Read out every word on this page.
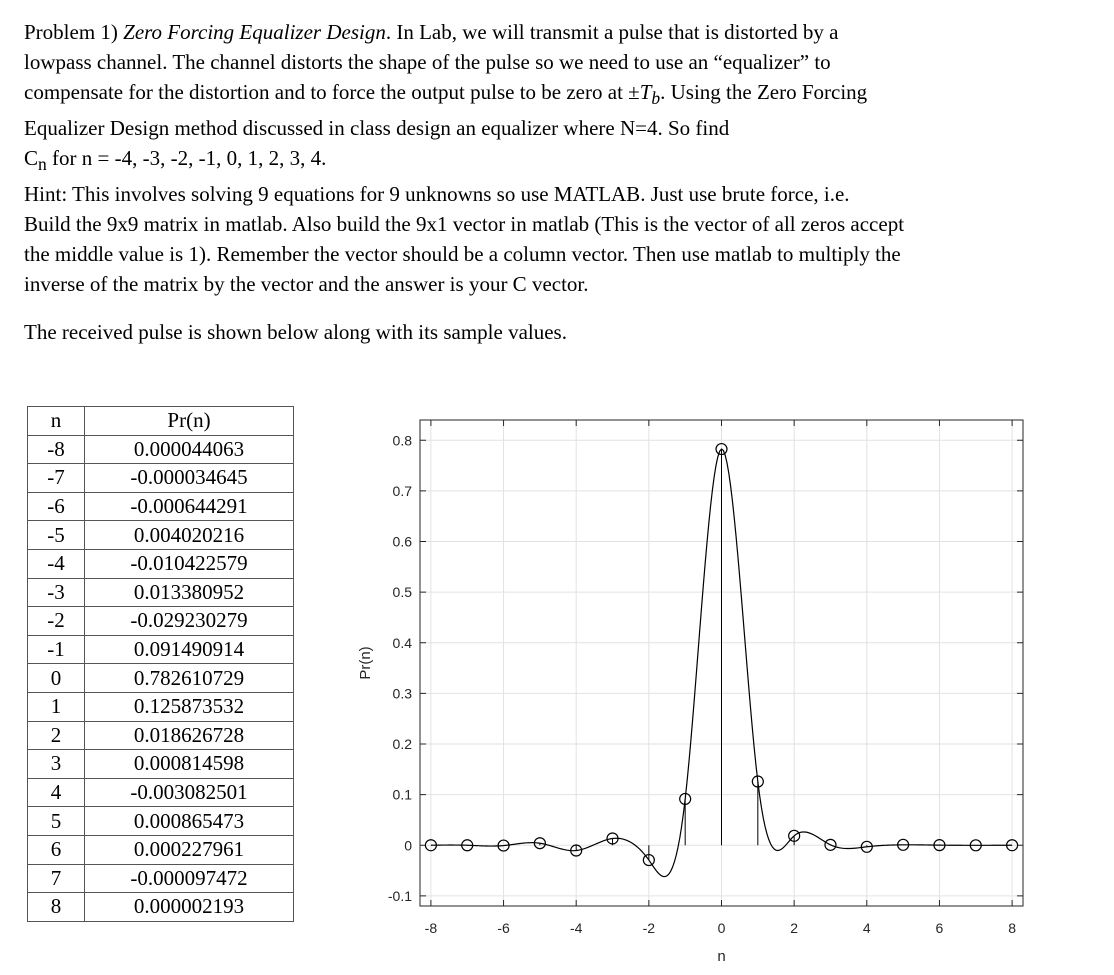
Problem 1) Zero Forcing Equalizer Design. In Lab, we will transmit a pulse that is distorted by a

lowpass channel. The channel distorts the shape of the pulse so we need to use an “equalizer” to

compensate for the distortion and to force the output pulse to be zero at $\pm T_b$. Using the Zero Forcing

Equalizer Design method discussed in class design an equalizer where N=4. So find

$C_n$ for n = -4, -3, -2, -1, 0, 1, 2, 3, 4.

Hint: This involves solving 9 equations for 9 unknowns so use MATLAB. Just use brute force, i.e.

Build the 9x9 matrix in matlab. Also build the 9x1 vector in matlab (This is the vector of all zeros accept

the middle value is 1). Remember the vector should be a column vector. Then use matlab to multiply the

inverse of the matrix by the vector and the answer is your C vector.

The received pulse is shown below along with its sample values.

n	Pr(n)
-8	0.000044063
-7	-0.000034645
-6	-0.000644291
-5	0.004020216
-4	-0.010422579
-3	0.013380952
-2	-0.029230279
-1	0.091490914
0	0.782610729
1	0.125873532
2	0.018626728
3	0.000814598
4	-0.003082501
5	0.000865473
6	0.000227961
7	-0.000097472
8	0.000002193
-8	-6	-4	-2	0	2	4	6	8
-0.1
0
0.1
0.2
0.3
0.4
0.5
0.6
0.7
0.8
n
Pr(n)
